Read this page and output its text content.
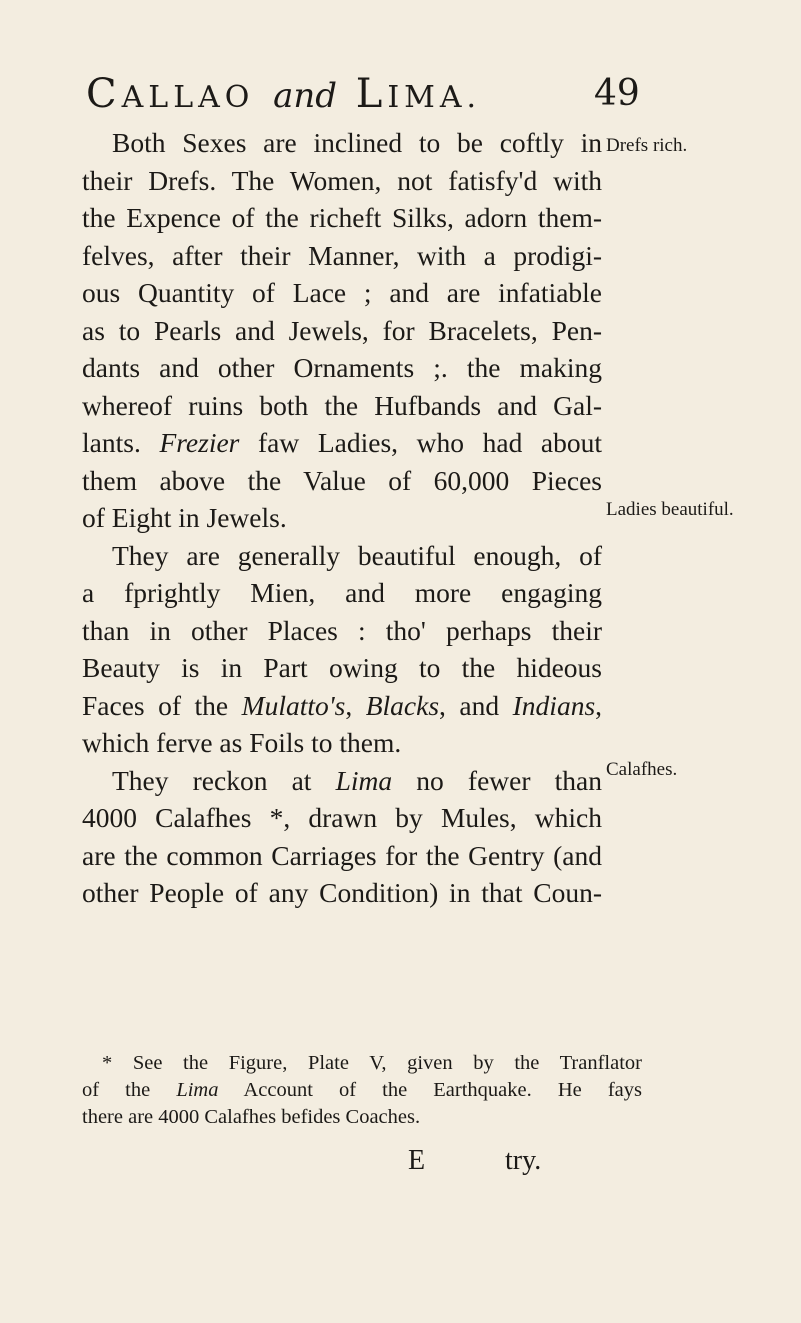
CALLAO and LIMA.	49
Drefs rich.
Ladies beautiful.
Calafhes.
Both Sexes are inclined to be coftly in
their Drefs. The Women, not fatisfy'd with
the Expence of the richeft Silks, adorn them-
felves, after their Manner, with a prodigi-
ous Quantity of Lace ; and are infatiable
as to Pearls and Jewels, for Bracelets, Pen-
dants and other Ornaments ;. the making
whereof ruins both the Hufbands and Gal-
lants. Frezier faw Ladies, who had about
them above the Value of 60,000 Pieces
of Eight in Jewels.
They are generally beautiful enough, of
a fprightly Mien, and more engaging
than in other Places : tho' perhaps their
Beauty is in Part owing to the hideous
Faces of the Mulatto's, Blacks, and Indians,
which ferve as Foils to them.
They reckon at Lima no fewer than
4000 Calafhes *, drawn by Mules, which
are the common Carriages for the Gentry (and
other People of any Condition) in that Coun-
* See the Figure, Plate V, given by the Tranflator
of the Lima Account of the Earthquake. He fays
there are 4000 Calafhes befides Coaches.
E	try.
